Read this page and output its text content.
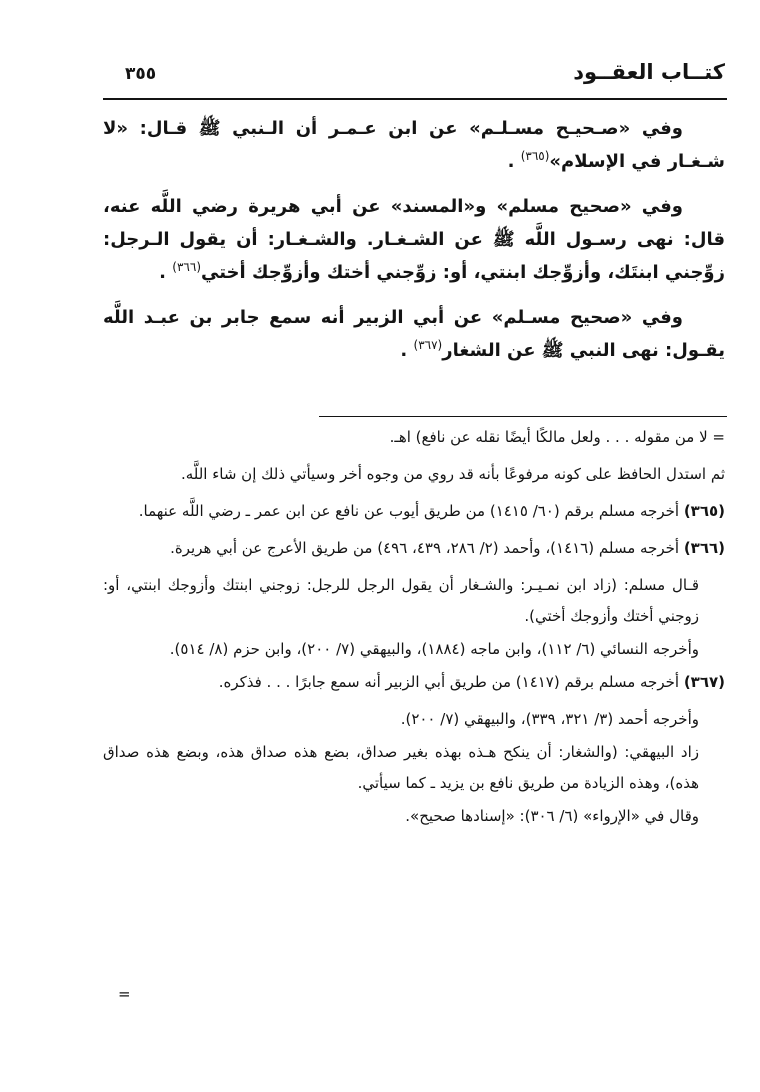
كتــاب العقــود
٣٥٥

وفي «صـحيـح مسـلـم» عن ابن عـمـر أن الـنبي ﷺ قـال: «لا شـغـار في الإسلام»$^{(٣٦٥)}$ .

وفي «صحيح مسلم» و«المسند» عن أبي هريرة رضي اللَّه عنه، قال: نهى رسـول اللَّه ﷺ عن الشـغـار. والشـغـار: أن يقول الـرجل: زوِّجني ابنتَك، وأزوِّجك ابنتي، أو: زوِّجني أختك وأزوِّجك أختي$^{(٣٦٦)}$ .

وفي «صحيح مسـلم» عن أبي الزبير أنه سمع جابر بن عبـد اللَّه يقـول: نهى النبي ﷺ عن الشغار$^{(٣٦٧)}$ .

= لا من مقوله . . . ولعل مالكًا أيضًا نقله عن نافع) اهـ.

ثم استدل الحافظ على كونه مرفوعًا بأنه قد روي من وجوه أخر وسيأتي ذلك إن شاء اللَّه.

(٣٦٥) أخرجه مسلم برقم (٦٠/ ١٤١٥) من طريق أيوب عن نافع عن ابن عمر ـ رضي اللَّه عنهما.

(٣٦٦) أخرجه مسلم (١٤١٦)، وأحمد (٢/ ٢٨٦، ٤٣٩، ٤٩٦) من طريق الأعرج عن أبي هريرة.

قـال مسلم: (زاد ابن نمـيـر: والشـغار أن يقول الرجل للرجل: زوجني ابنتك وأزوجك ابنتي، أو: زوجني أختك وأزوجك أختي).

وأخرجه النسائي (٦/ ١١٢)، وابن ماجه (١٨٨٤)، والبيهقي (٧/ ٢٠٠)، وابن حزم (٨/ ٥١٤).

(٣٦٧) أخرجه مسلم برقم (١٤١٧) من طريق أبي الزبير أنه سمع جابرًا . . . فذكره.

وأخرجه أحمد (٣/ ٣٢١، ٣٣٩)، والبيهقي (٧/ ٢٠٠).

زاد البيهقي: (والشغار: أن ينكح هـذه بهذه بغير صداق، بضع هذه صداق هذه، وبضع هذه صداق هذه)، وهذه الزيادة من طريق نافع بن يزيد ـ كما سيأتي.

وقال في «الإرواء» (٦/ ٣٠٦): «إسنادها صحيح».

=
